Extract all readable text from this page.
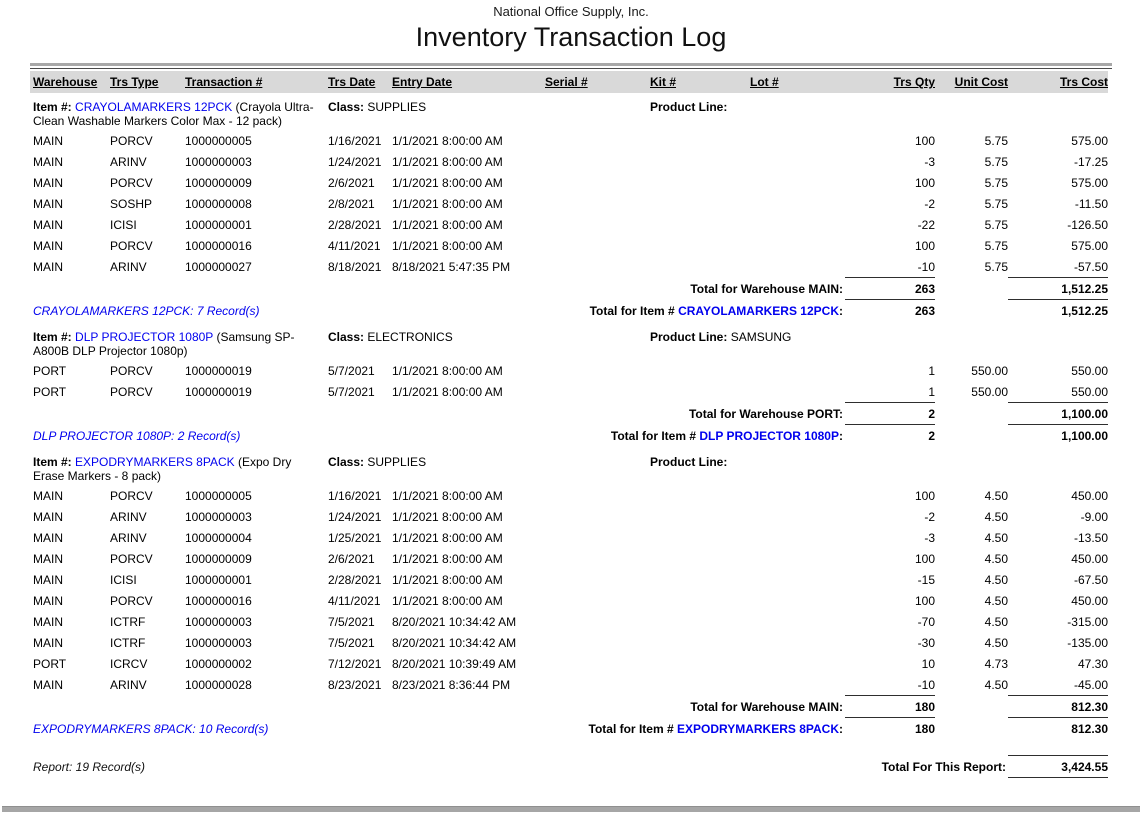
National Office Supply, Inc.
Inventory Transaction Log
Warehouse	Trs Type	Transaction #	Trs Date	Entry Date	Serial #	Kit #	Lot #	Trs Qty	Unit Cost	Trs Cost
Item #: CRAYOLAMARKERS 12PCK (Crayola Ultra-Clean Washable Markers Color Max - 12 pack)			Class: SUPPLIES			Product Line:				
MAIN	PORCV	1000000005	1/16/2021	1/1/2021 8:00:00 AM				100	5.75	575.00
MAIN	ARINV	1000000003	1/24/2021	1/1/2021 8:00:00 AM				-3	5.75	-17.25
MAIN	PORCV	1000000009	2/6/2021	1/1/2021 8:00:00 AM				100	5.75	575.00
MAIN	SOSHP	1000000008	2/8/2021	1/1/2021 8:00:00 AM				-2	5.75	-11.50
MAIN	ICISI	1000000001	2/28/2021	1/1/2021 8:00:00 AM				-22	5.75	-126.50
MAIN	PORCV	1000000016	4/11/2021	1/1/2021 8:00:00 AM				100	5.75	575.00
MAIN	ARINV	1000000027	8/18/2021	8/18/2021 5:47:35 PM				-10	5.75	-57.50
Total for Warehouse MAIN:								263		1,512.25
CRAYOLAMARKERS 12PCK: 7 Record(s)			Total for Item # CRAYOLAMARKERS 12PCK:					263		1,512.25
Item #: DLP PROJECTOR 1080P (Samsung SP-A800B DLP Projector 1080p)			Class: ELECTRONICS			Product Line: SAMSUNG				
PORT	PORCV	1000000019	5/7/2021	1/1/2021 8:00:00 AM				1	550.00	550.00
PORT	PORCV	1000000019	5/7/2021	1/1/2021 8:00:00 AM				1	550.00	550.00
Total for Warehouse PORT:								2		1,100.00
DLP PROJECTOR 1080P: 2 Record(s)			Total for Item # DLP PROJECTOR 1080P:					2		1,100.00
Item #: EXPODRYMARKERS 8PACK (Expo Dry Erase Markers - 8 pack)			Class: SUPPLIES			Product Line:				
MAIN	PORCV	1000000005	1/16/2021	1/1/2021 8:00:00 AM				100	4.50	450.00
MAIN	ARINV	1000000003	1/24/2021	1/1/2021 8:00:00 AM				-2	4.50	-9.00
MAIN	ARINV	1000000004	1/25/2021	1/1/2021 8:00:00 AM				-3	4.50	-13.50
MAIN	PORCV	1000000009	2/6/2021	1/1/2021 8:00:00 AM				100	4.50	450.00
MAIN	ICISI	1000000001	2/28/2021	1/1/2021 8:00:00 AM				-15	4.50	-67.50
MAIN	PORCV	1000000016	4/11/2021	1/1/2021 8:00:00 AM				100	4.50	450.00
MAIN	ICTRF	1000000003	7/5/2021	8/20/2021 10:34:42 AM				-70	4.50	-315.00
MAIN	ICTRF	1000000003	7/5/2021	8/20/2021 10:34:42 AM				-30	4.50	-135.00
PORT	ICRCV	1000000002	7/12/2021	8/20/2021 10:39:49 AM				10	4.73	47.30
MAIN	ARINV	1000000028	8/23/2021	8/23/2021 8:36:44 PM				-10	4.50	-45.00
Total for Warehouse MAIN:								180		812.30
EXPODRYMARKERS 8PACK: 10 Record(s)			Total for Item # EXPODRYMARKERS 8PACK:					180		812.30

Report: 19 Record(s)					Total For This Report:					3,424.55
